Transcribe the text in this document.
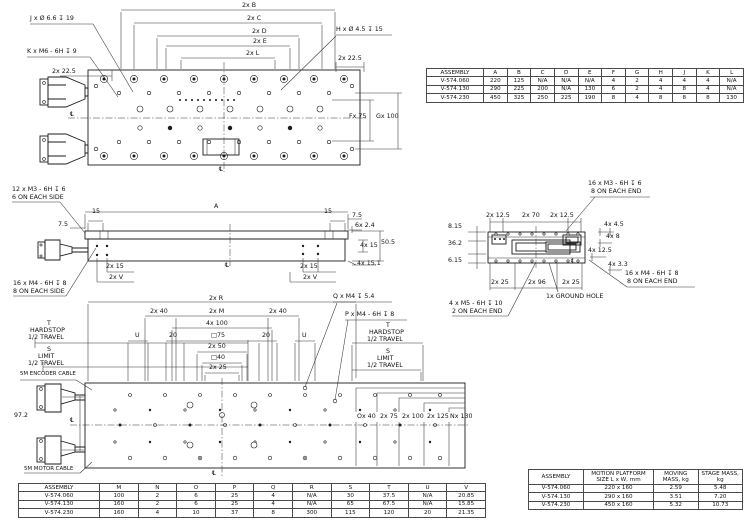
J x Ø 6.6 ↧ 19
K x M6 - 6H ↧ 9
H x Ø 4.5 ↧ 15
2x B
2x C
2x D
2x E
2x L
2x 22.5
2x 22.5
Fx 75 Gx 100
℄
℄
12 x M3 - 6H ↧ 6
6 ON EACH SIDE
15
7.5
A
15
7.5
6x 2.4
4x 15 50.5
4x 15.1
2x 15
2x V
2x 15
2x V
16 x M4 - 6H ↧ 8
8 ON EACH SIDE
℄
16 x M3 - 6H ↧ 6
8 ON EACH END
2x 12.5 2x 70 2x 12.5
8.15
36.2
6.15
4x 4.5
4x 8
4x 12.5
4x 3.3
16 x M4 - 6H ↧ 8
8 ON EACH END
2x 25	2x 96	2x 25
1x GROUND HOLE
4 x M5 - 6H ↧ 10
2 ON EACH END
℄
2x R
2x 40	2x M	2x 40
4x 100
U	20	□75	20	U
2x 50
□40
2x 25
Q x M4 ↧ 5.4
P x M4 - 6H ↧ 8
T
HARDSTOP
1/2 TRAVEL
S
LIMIT
1/2 TRAVEL
T
HARDSTOP
1/2 TRAVEL
S
LIMIT
1/2 TRAVEL
5M ENCODER CABLE
5M MOTOR CABLE
97.2	Ox 40 2x 75 2x 100 2x 125 Nx 130
℄
℄
ASSEMBLY	A	B	C	D	E	F	G	H	J	K	L
V-574.060	220	125	N/A	N/A	N/A	4	2	4	4	4	N/A
V-574.130	290	225	200	N/A	130	6	2	4	8	4	N/A
V-574.230	450	325	250	225	190	8	4	8	8	8	130
ASSEMBLY	M	N	O	P	Q	R	S	T	U	V
V-574.060	100	2	6	25	4	N/A	30	37.5	N/A	20.85
V-574.130	160	2	6	25	4	N/A	65	67.5	N/A	15.85
V-574.230	160	4	10	37	8	300	115	120	20	21.35
ASSEMBLY	MOTION PLATFORM SIZE L x W, mm	MOVING MASS, kg	STAGE MASS, kg
V-574.060	220 x 160	2.59	5.48
V-574.130	290 x 160	3.51	7.20
V-574.230	450 x 160	5.32	10.73
